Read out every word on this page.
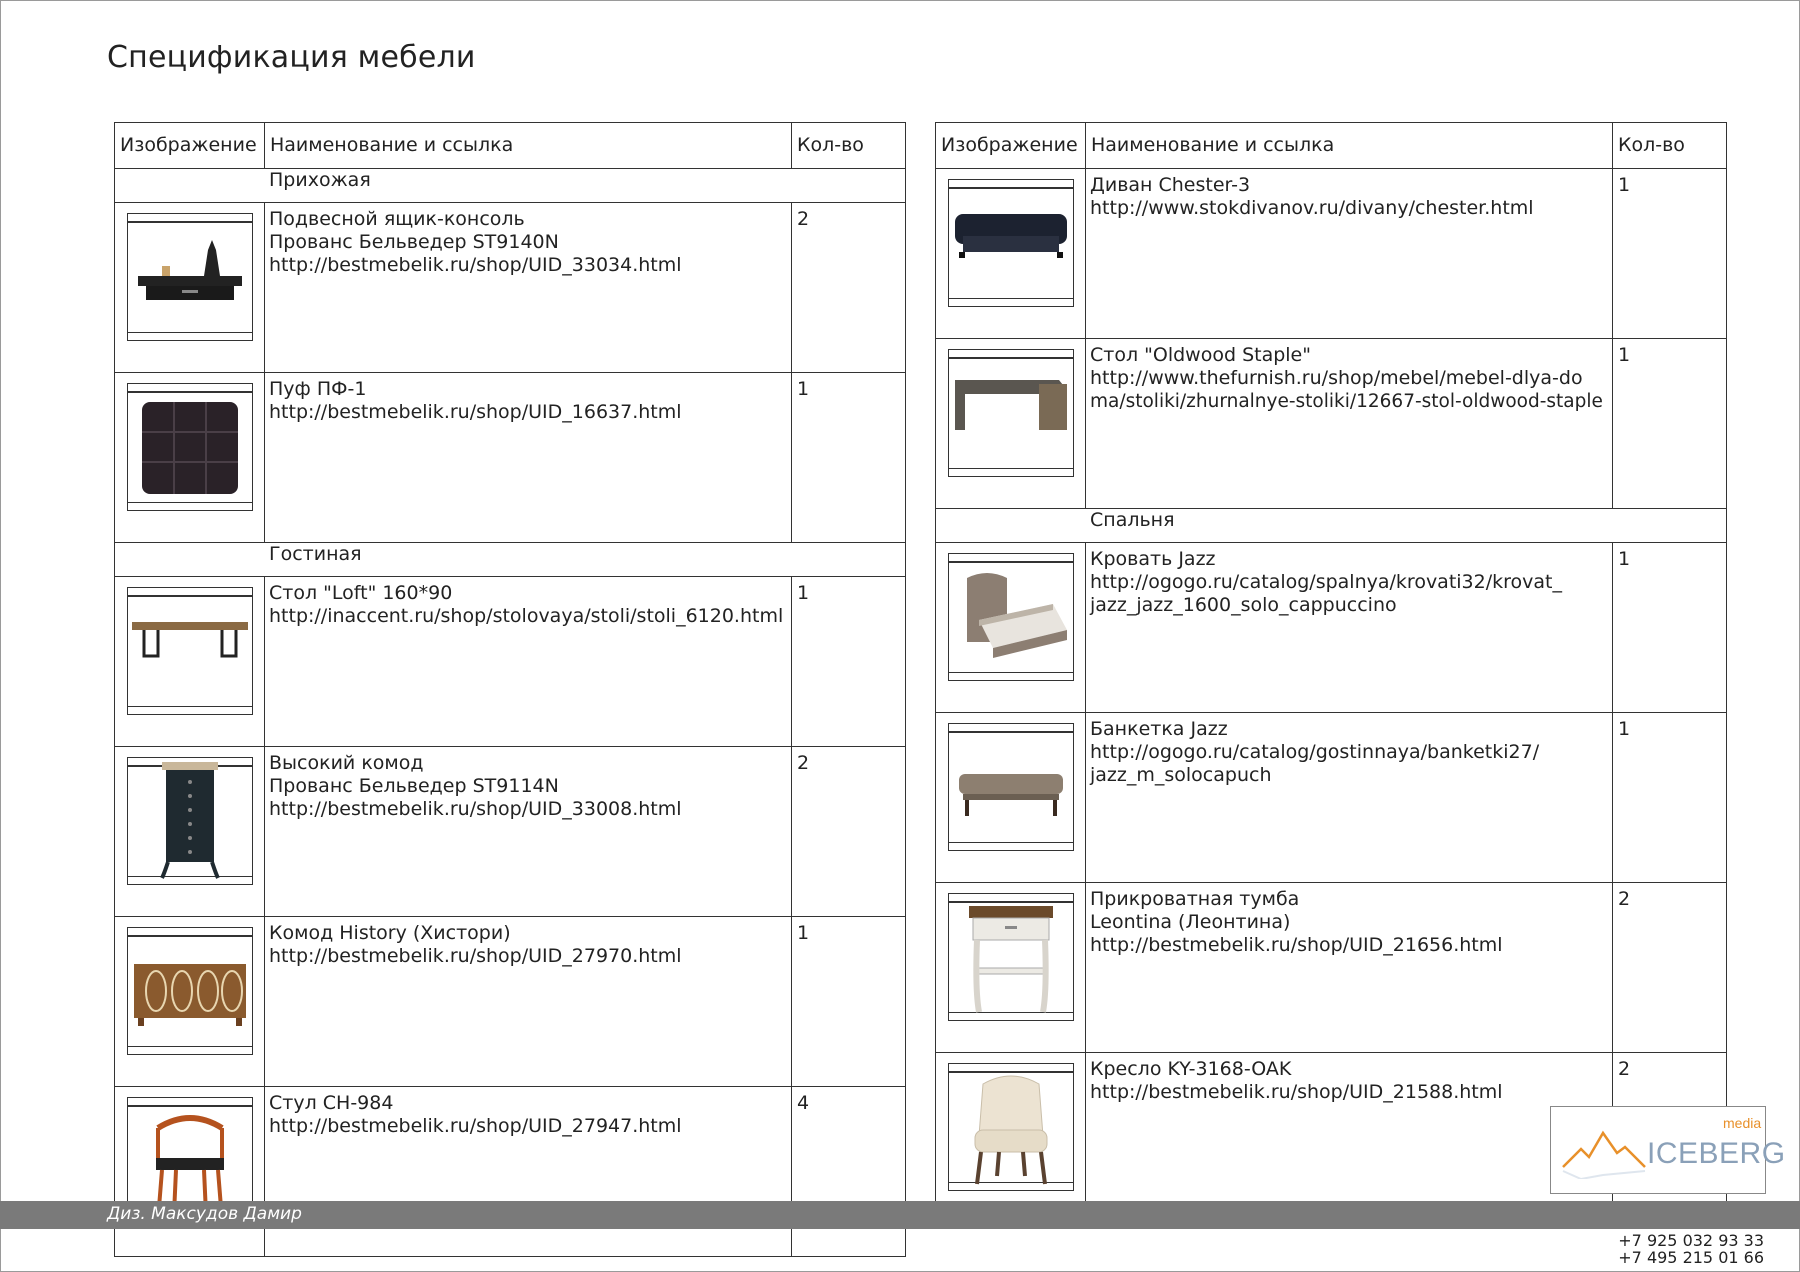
Спецификация мебели
Изображение	Наименование и ссылка	Кол-во
Прихожая		

Подвесной ящик-консоль
Прованс Бельведер ST9140N
http://bestmebelik.ru/shop/UID_33034.html	2

Пуф ПФ-1
http://bestmebelik.ru/shop/UID_16637.html	1
Гостиная		

Стол "Loft" 160*90
http://inaccent.ru/shop/stolovaya/stoli/stoli_6120.html	1

Высокий комод
Прованс Бельведер ST9114N
http://bestmebelik.ru/shop/UID_33008.html	2

Комод History (Хистори)
http://bestmebelik.ru/shop/UID_27970.html	1

Стул CH-984
http://bestmebelik.ru/shop/UID_27947.html	4
Изображение	Наименование и ссылка	Кол-во

Диван Chester-3
http://www.stokdivanov.ru/divany/chester.html	1

Стол "Oldwood Staple"
http://www.thefurnish.ru/shop/mebel/mebel-dlya-do
ma/stoliki/zhurnalnye-stoliki/12667-stol-oldwood-staple	1
Спальня		

Кровать Jazz
http://ogogo.ru/catalog/spalnya/krovati32/krovat_
jazz_jazz_1600_solo_cappuccino	1

Банкетка Jazz
http://ogogo.ru/catalog/gostinnaya/banketki27/
jazz_m_solocapuch	1

Прикроватная тумба
Leontina (Леонтина)
http://bestmebelik.ru/shop/UID_21656.html	2

Кресло KY-3168-OAK
http://bestmebelik.ru/shop/UID_21588.html	2
media
ICEBERG
Диз. Максудов Дамир
+7 925 032 93 33
+7 495 215 01 66
